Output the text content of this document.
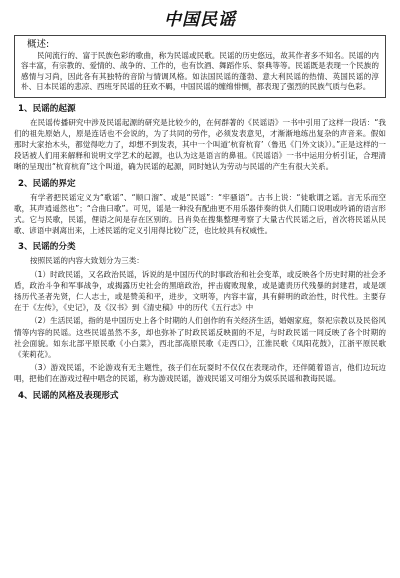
中国民谣
概述:

民间流行的、富于民族色彩的歌曲，称为民谣或民歌。民谣的历史悠远，故其作者多不知名。民谣的内容丰富，有宗教的、爱情的、战争的、工作的，也有饮酒、舞蹈作乐、祭典等等。民谣既是表现一个民族的感情与习尚，因此各有其独特的音阶与情调风格。如法国民谣的蓬勃、意大利民谣的热情、英国民谣的淳朴、日本民谣的悲凉、西班牙民谣的狂欢不羁，中国民谣的缠绵悱恻，都表现了强烈的民族气质与色彩。

1、民谣的起源

在民谣传播研究中涉及民谣起源的研究是比较少的，在何群著的《民谣语》一书中引用了这样一段话：“我们的祖先原始人，原是连话也不会说的，为了共同的劳作，必须发表意见，才渐渐地练出复杂的声音来。假如那时大家抬木头，都觉得吃力了，却想不到发表，其中一个叫道‘杭育杭育’（鲁迅《门外文谈》）。”正是这样的一段话被人们用来解释和说明文学艺术的起源，也认为这是语言的鼻祖。《民谣语》一书中运用分析引证，合理清晰的呈现出“杭育杭育”这个叫道，确为民谣的起源，同时她认为劳动与民谣的产生有很大关系。

2、民谣的界定

有学者把民谣定义为“歌谣”、“顺口溜”、或是“民谣”：“牢骚语”。古书上说：“徒歌谓之谣。言无乐而空歌，其声逍遥然也”；“合曲曰歌”。可见，谣是一种没有配曲更不用乐器伴奏的供人们随口说唱或吟诵的语言形式。它与民歌，民谣，俚语之间是存在区别的。吕肖奂在搜集整理考察了大量古代民谣之后，首次将民谣从民歌、谚语中剥离出来，上述民谣的定义引用得比较广泛，也比较具有权威性。

3、民谣的分类

按照民谣的内容大致划分为三类：

（1）时政民谣，又名政治民谣，诉说的是中国历代的时事政治和社会变革，或反映各个历史时期的社会矛盾，政治斗争和军事战争，或揭露历史社会的黑暗政治，抨击腐败现象，或是谴责历代残暴的封建君，或是颂扬历代圣者先贤，仁人志士，或是赞美和平，进步，文明等，内容丰富，具有鲜明的政治性，时代性。主要存在于《左传》，《史记》，及《汉书》到《清史稿》中的历代《五行志》中

（2）生活民谣，指的是中国历史上各个时期的人们创作的有关经济生活，婚姻家庭，祭祀宗教以及民俗风情等内容的民谣。这些民谣虽然不多，却也弥补了时政民谣反映面的不足，与时政民谣一同反映了各个时期的社会面貌。如东北部平原民歌《小白菜》，西北部高原民歌《走西口》，江淮民歌《凤阳花鼓》，江浙平原民歌《茉莉花》。

（3）游戏民谣，不论游戏有无主题性，孩子们在玩耍时不仅仅在表现动作，还伴随着语言，他们边玩边唱，把他们在游戏过程中唱念的民谣，称为游戏民谣，游戏民谣又可细分为娱乐民谣和教诲民谣。

4、民谣的风格及表现形式
